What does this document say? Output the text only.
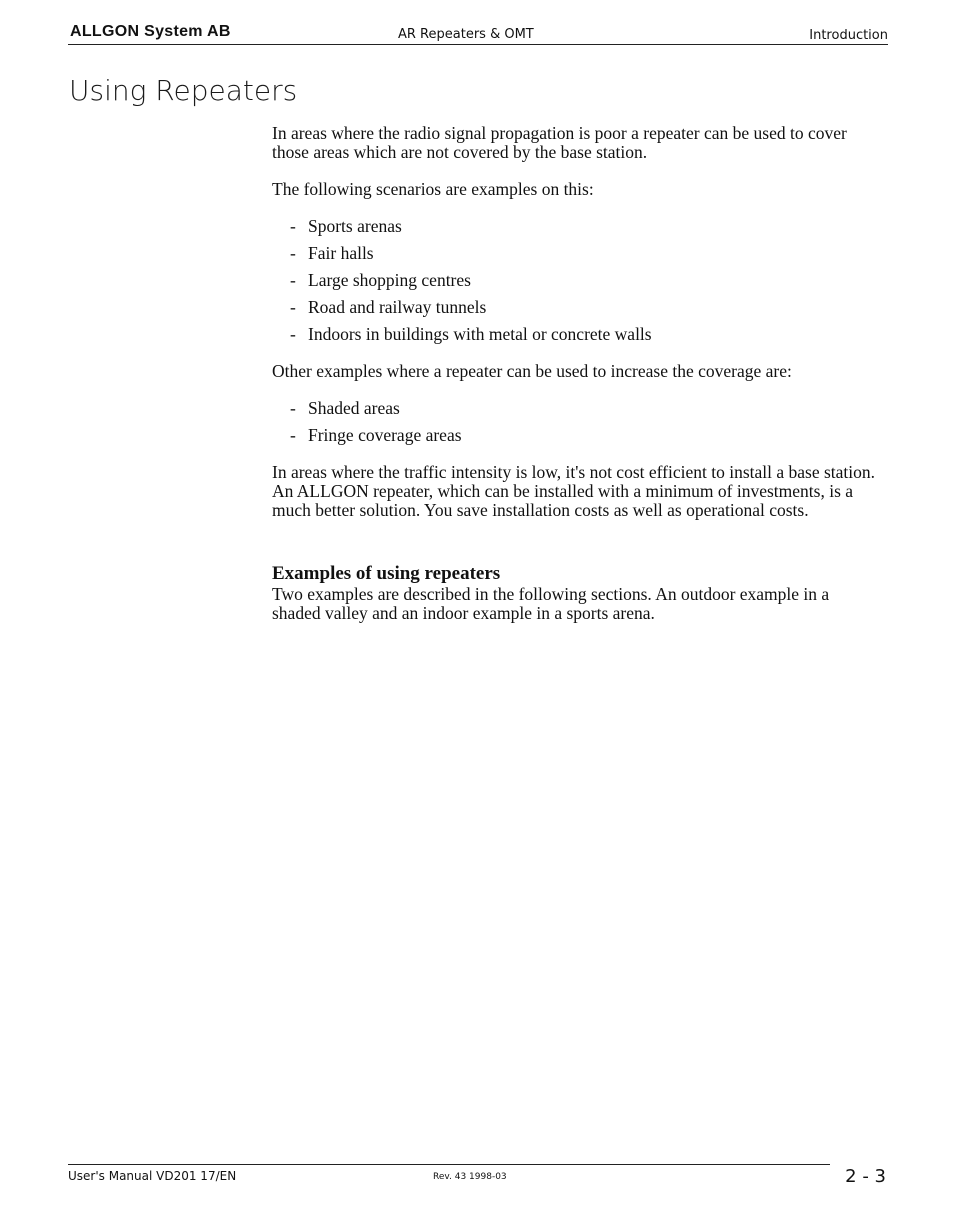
ALLGON System AB	AR Repeaters & OMT	Introduction
Using Repeaters

In areas where the radio signal propagation is poor a repeater can be used to cover those areas which are not covered by the base station.

The following scenarios are examples on this:

- Sports arenas
- Fair halls
- Large shopping centres
- Road and railway tunnels
- Indoors in buildings with metal or concrete walls

Other examples where a repeater can be used to increase the coverage are:

- Shaded areas
- Fringe coverage areas

In areas where the traffic intensity is low, it's not cost efficient to install a base station. An ALLGON repeater, which can be installed with a minimum of investments, is a much better solution. You save installation costs as well as operational costs.

Examples of using repeaters

Two examples are described in the following sections. An outdoor example in a shaded valley and an indoor example in a sports arena.

User's Manual VD201 17/EN	Rev. 43 1998-03	2 - 3
